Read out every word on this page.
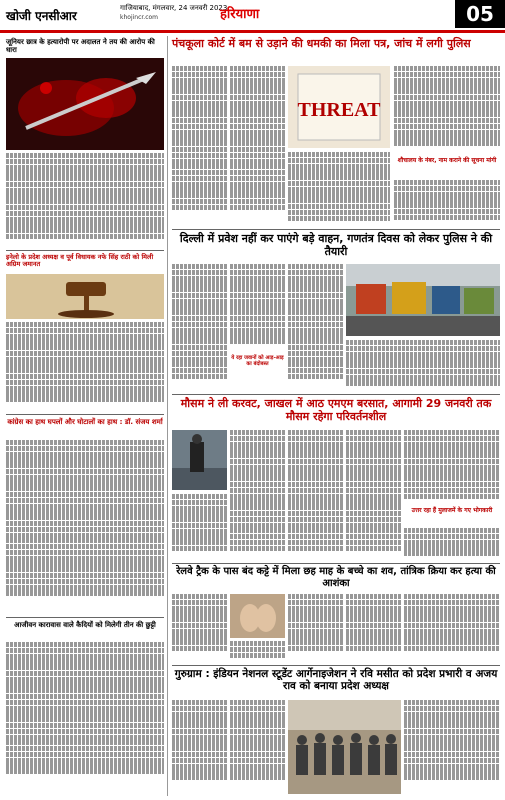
खोजी एनसीआर
गाजियाबाद, मंगलवार, 24 जनवरी 2023
khojincr.com	हरियाणा	05
जूनियर छात्र के हत्यारोपी पर अदालत ने तय की आरोप की धारा
इनेलो के प्रदेश अध्यक्ष व पूर्व विधायक नफे सिंह राठी को मिली अग्रिम जमानत
कांग्रेस का हाथ घपलों और घोटालों का हाथ : डॉ. संजय शर्मा
आजीवन कारावास वाले कैदियों को मिलेगी तीन की छुट्टी
पंचकूला कोर्ट में बम से उड़ाने की धमकी का मिला पत्र, जांच में लगी पुलिस
THREAT
शौचालय के नंबर, नाम कराने की सूचना मांगी
दिल्ली में प्रवेश नहीं कर पाएंगे बड़े वाहन, गणतंत्र दिवस को लेकर पुलिस ने की तैयारी
ये रहा जवानों को आड़-आड़ का बंदोबस्त
मौसम ने ली करवट, जाखल में आठ एमएम बरसात, आगामी 29 जनवरी तक मौसम रहेगा परिवर्तनशील
उत्तर रहा हैं मुलाजमें के गए भोगकारी
रेलवे ट्रैक के पास बंद कट्टे में मिला छह माह के बच्चे का शव, तांत्रिक क्रिया कर हत्या की आशंका
गुरुग्राम : इंडियन नेशनल स्टूडेंट आर्गेनाइजेशन ने रवि मसीत को प्रदेश प्रभारी व अजय राव को बनाया प्रदेश अध्यक्ष
